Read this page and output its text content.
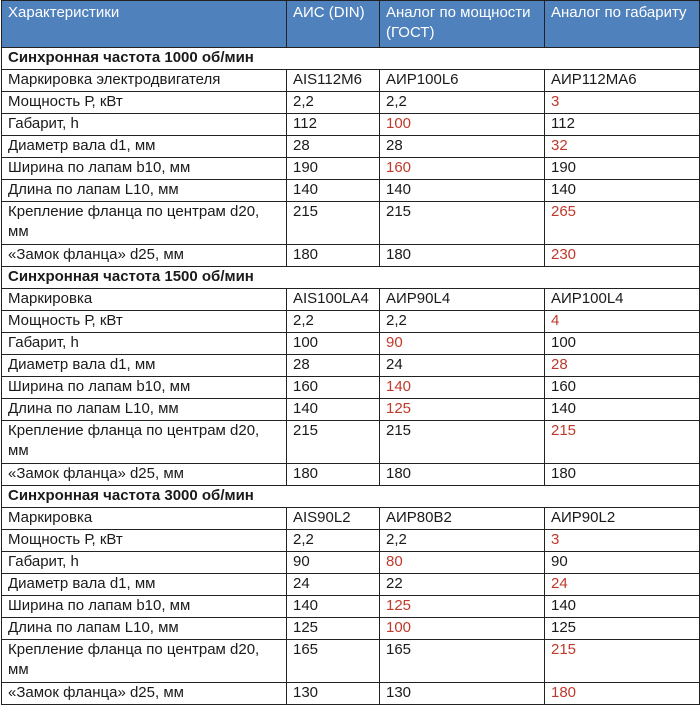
Характеристики	АИС (DIN)	Аналог по мощности (ГОСТ)	Аналог по габариту
Синхронная частота 1000 об/мин			
Маркировка электродвигателя	AIS112M6	АИР100L6	АИР112МА6
Мощность Р, кВт	2,2	2,2	3
Габарит, h	112	100	112
Диаметр вала d1, мм	28	28	32
Ширина по лапам b10, мм	190	160	190
Длина по лапам L10, мм	140	140	140
Крепление фланца по центрам d20, мм	215	215	265
«Замок фланца» d25, мм	180	180	230
Синхронная частота 1500 об/мин			
Маркировка	AIS100LA4	АИР90L4	АИР100L4
Мощность Р, кВт	2,2	2,2	4
Габарит, h	100	90	100
Диаметр вала d1, мм	28	24	28
Ширина по лапам b10, мм	160	140	160
Длина по лапам L10, мм	140	125	140
Крепление фланца по центрам d20, мм	215	215	215
«Замок фланца» d25, мм	180	180	180
Синхронная частота 3000 об/мин			
Маркировка	AIS90L2	АИР80В2	АИР90L2
Мощность Р, кВт	2,2	2,2	3
Габарит, h	90	80	90
Диаметр вала d1, мм	24	22	24
Ширина по лапам b10, мм	140	125	140
Длина по лапам L10, мм	125	100	125
Крепление фланца по центрам d20, мм	165	165	215
«Замок фланца» d25, мм	130	130	180
